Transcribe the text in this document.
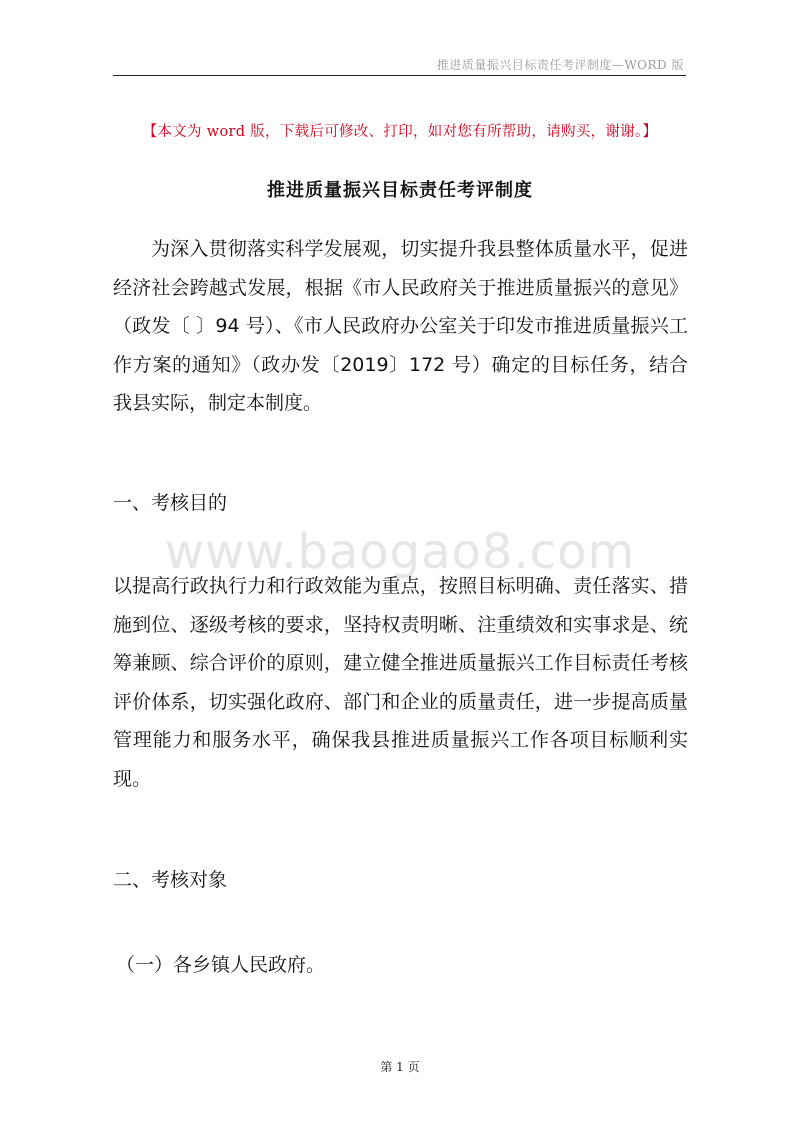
推进质量振兴目标责任考评制度—WORD 版
【本文为 word 版，下载后可修改、打印，如对您有所帮助，请购买，谢谢。】
推进质量振兴目标责任考评制度

为深入贯彻落实科学发展观，切实提升我县整体质量水平，促进经济社会跨越式发展，根据《市人民政府关于推进质量振兴的意见》（政发〔 〕94 号）、《市人民政府办公室关于印发市推进质量振兴工作方案的通知》（政办发〔2019〕172 号）确定的目标任务，结合我县实际，制定本制度。

一、考核目的

www.baogao8.com

以提高行政执行力和行政效能为重点，按照目标明确、责任落实、措施到位、逐级考核的要求，坚持权责明晰、注重绩效和实事求是、统筹兼顾、综合评价的原则，建立健全推进质量振兴工作目标责任考核评价体系，切实强化政府、部门和企业的质量责任，进一步提高质量管理能力和服务水平，确保我县推进质量振兴工作各项目标顺利实现。

二、考核对象

（一）各乡镇人民政府。

第 1 页
